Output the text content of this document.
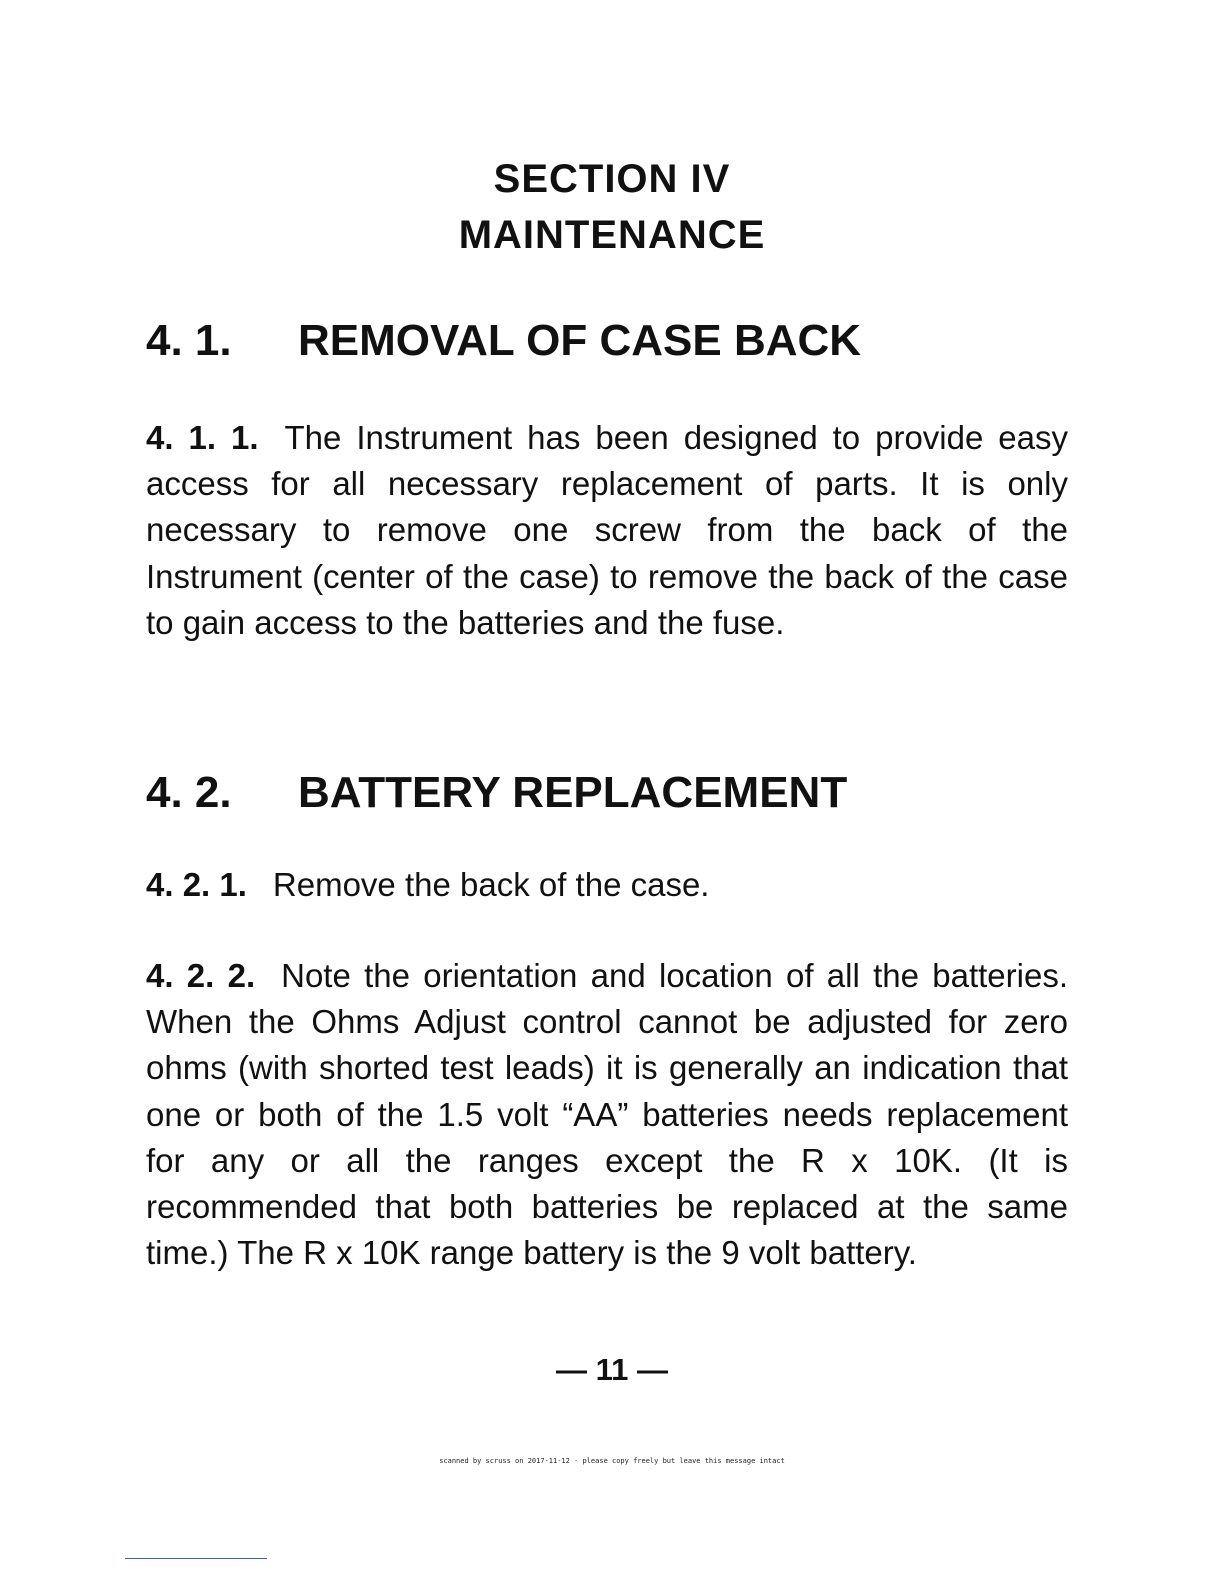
SECTION IV
MAINTENANCE
4. 1. REMOVAL OF CASE BACK
4. 1. 1. The Instrument has been designed to provide easy access for all necessary replacement of parts. It is only necessary to remove one screw from the back of the Instrument (center of the case) to remove the back of the case to gain access to the batteries and the fuse.
4. 2. BATTERY REPLACEMENT
4. 2. 1. Remove the back of the case.
4. 2. 2. Note the orientation and location of all the batteries. When the Ohms Adjust control cannot be adjusted for zero ohms (with shorted test leads) it is generally an indication that one or both of the 1.5 volt “AA” batteries needs replacement for any or all the ranges except the R x 10K. (It is recommended that both batteries be replaced at the same time.) The R x 10K range battery is the 9 volt battery.
— 11 —
scanned by scruss on 2017-11-12 - please copy freely but leave this message intact
